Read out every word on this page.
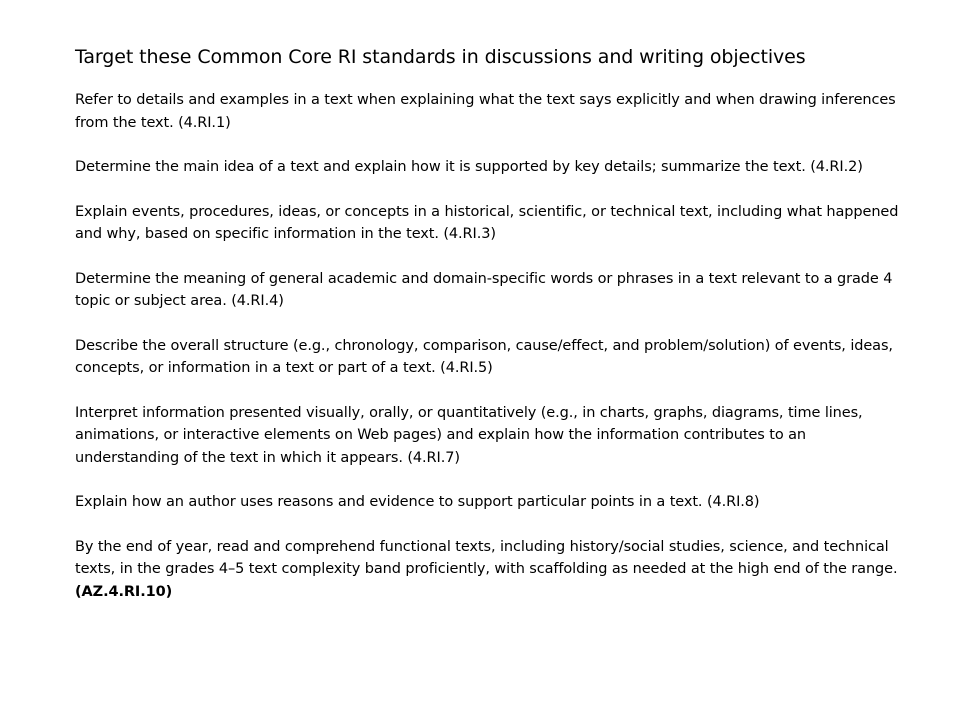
Target these Common Core RI standards in discussions and writing objectives

Refer to details and examples in a text when explaining what the text says explicitly and when drawing inferences from the text. (4.RI.1)

Determine the main idea of a text and explain how it is supported by key details; summarize the text. (4.RI.2)

Explain events, procedures, ideas, or concepts in a historical, scientific, or technical text, including what happened and why, based on specific information in the text. (4.RI.3)

Determine the meaning of general academic and domain-specific words or phrases in a text relevant to a grade 4 topic or subject area. (4.RI.4)

Describe the overall structure (e.g., chronology, comparison, cause/effect, and problem/solution) of events, ideas, concepts, or information in a text or part of a text. (4.RI.5)

Interpret information presented visually, orally, or quantitatively (e.g., in charts, graphs, diagrams, time lines, animations, or interactive elements on Web pages) and explain how the information contributes to an understanding of the text in which it appears. (4.RI.7)

Explain how an author uses reasons and evidence to support particular points in a text. (4.RI.8)

By the end of year, read and comprehend functional texts, including history/social studies, science, and technical texts, in the grades 4–5 text complexity band proficiently, with scaffolding as needed at the high end of the range. (AZ.4.RI.10)
